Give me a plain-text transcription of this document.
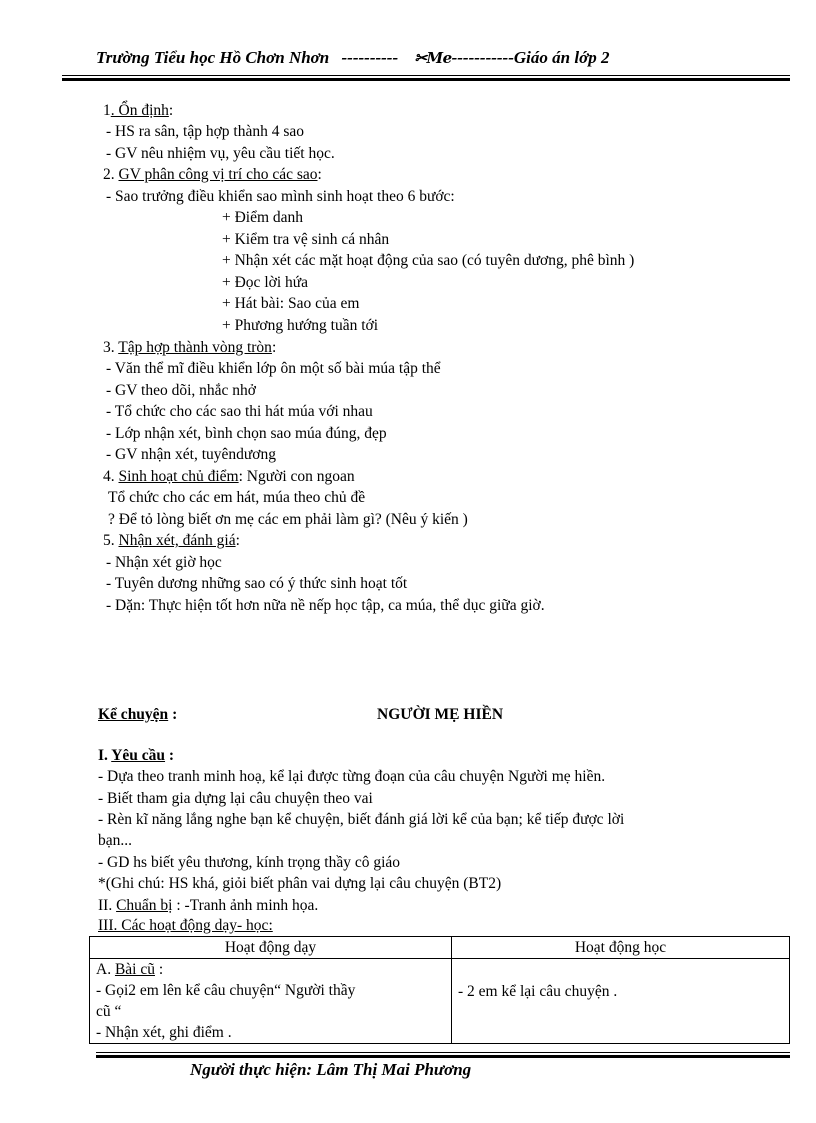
Trường Tiểu học Hồ Chơn Nhơn ---------- ✂Me-----------Giáo án lớp 2
1. Ổn định:
- HS ra sân, tập hợp thành 4 sao
- GV nêu nhiệm vụ, yêu cầu tiết học.
2. GV phân công vị trí cho các sao:
- Sao trưởng điều khiển sao mình sinh hoạt theo 6 bước:
+ Điểm danh
+ Kiểm tra vệ sinh cá nhân
+ Nhận xét các mặt hoạt động của sao (có tuyên dương, phê bình )
+ Đọc lời hứa
+ Hát bài: Sao của em
+ Phương hướng tuần tới
3. Tập hợp thành vòng tròn:
- Văn thể mĩ điều khiển lớp ôn một số bài múa tập thể
- GV theo dõi, nhắc nhở
- Tổ chức cho các sao thi hát múa với nhau
- Lớp nhận xét, bình chọn sao múa đúng, đẹp
- GV nhận xét, tuyêndương
4. Sinh hoạt chủ điểm: Người con ngoan
Tổ chức cho các em hát, múa theo chủ đề
? Để tỏ lòng biết ơn mẹ các em phải làm gì? (Nêu ý kiến )
5. Nhận xét, đánh giá:
- Nhận xét giờ học
- Tuyên dương những sao có ý thức sinh hoạt tốt
- Dặn: Thực hiện tốt hơn nữa nề nếp học tập, ca múa, thể dục giữa giờ.
Kể chuyện :	NGƯỜI MẸ HIỀN
I. Yêu cầu :
- Dựa theo tranh minh hoạ, kể lại được từng đoạn của câu chuyện Người mẹ hiền.
- Biết tham gia dựng lại câu chuyện theo vai
- Rèn kĩ năng lắng nghe bạn kể chuyện, biết đánh giá lời kể của bạn; kể tiếp được lời
bạn...
- GD hs biết yêu thương, kính trọng thầy cô giáo
*(Ghi chú: HS khá, giỏi biết phân vai dựng lại câu chuyện (BT2)
II. Chuẩn bị : -Tranh ảnh minh họa.
III. Các hoạt động dạy- học:
Hoạt động dạy	Hoạt động học

A. Bài cũ :
- Gọi2 em lên kể câu chuyện“ Người thầy
cũ “
- Nhận xét, ghi điểm .	- 2 em kể lại câu chuyện .
Người thực hiện: Lâm Thị Mai Phương
